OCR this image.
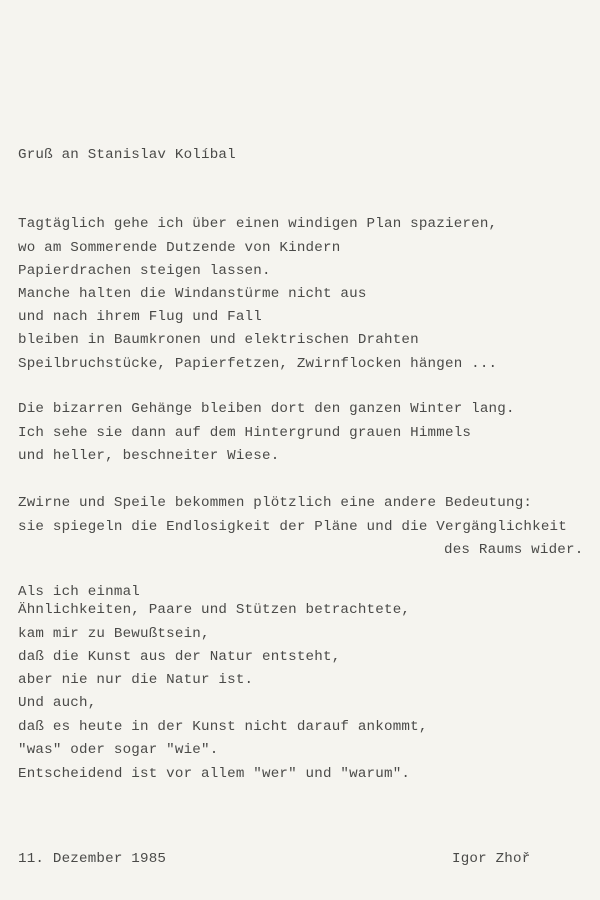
Gruß an Stanislav Kolíbal
Tagtäglich gehe ich über einen windigen Plan spazieren,
wo am Sommerende Dutzende von Kindern
Papierdrachen steigen lassen.
Manche halten die Windanstürme nicht aus
und nach ihrem Flug und Fall
bleiben in Baumkronen und elektrischen Drahten
Speilbruchstücke, Papierfetzen, Zwirnflocken hängen ...
Die bizarren Gehänge bleiben dort den ganzen Winter lang.
Ich sehe sie dann auf dem Hintergrund grauen Himmels
und heller, beschneiter Wiese.
Zwirne und Speile bekommen plötzlich eine andere Bedeutung:
sie spiegeln die Endlosigkeit der Pläne und die Vergänglichkeit
des Raums wider.
Als ich einmal
Ähnlichkeiten, Paare und Stützen betrachtete,
kam mir zu Bewußtsein,
daß die Kunst aus der Natur entsteht,
aber nie nur die Natur ist.
Und auch,
daß es heute in der Kunst nicht darauf ankommt,
"was" oder sogar "wie".
Entscheidend ist vor allem "wer" und "warum".
11. Dezember 1985	Igor Zhoř
